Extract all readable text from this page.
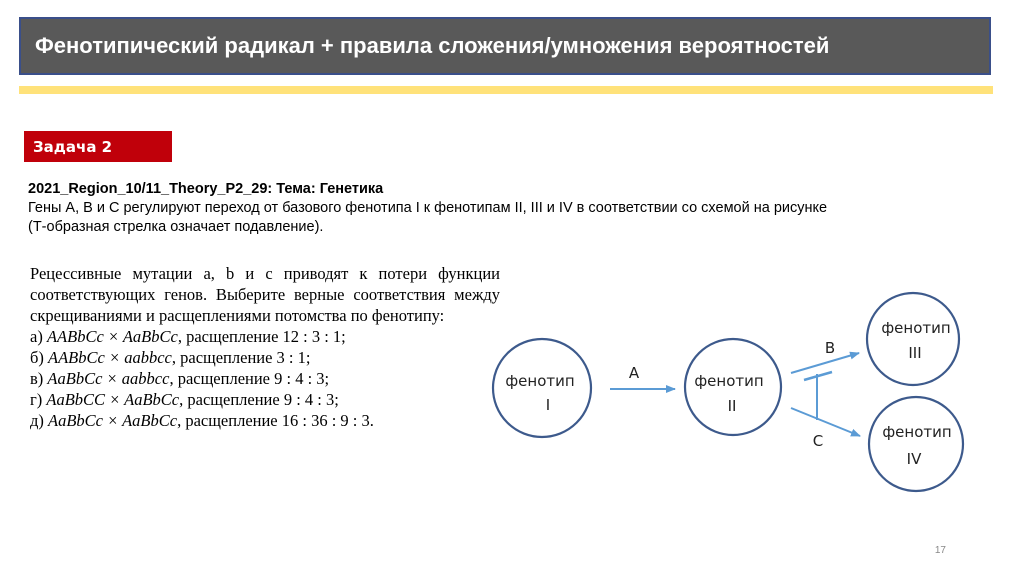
Фенотипический радикал + правила сложения/умножения вероятностей
Задача 2
2021_Region_10/11_Theory_P2_29: Тема: Генетика
Гены A, B и C регулируют переход от базового фенотипа I к фенотипам II, III и IV в соответствии со схемой на рисунке
(Т-образная стрелка означает подавление).
Рецессивные мутации a, b и c приводят к потери функции соответствующих генов. Выберите верные соответствия между скрещиваниями и расщеплениями потомства по фенотипу:
а) AABbCc × AaBbCc, расщепление 12 : 3 : 1;
б) AABbCc × aabbcc, расщепление 3 : 1;
в) AaBbCc × aabbcc, расщепление 9 : 4 : 3;
г) AaBbCC × AaBbCc, расщепление 9 : 4 : 3;
д) AaBbCc × AaBbCc, расщепление 16 : 36 : 9 : 3.
фенотип
I
фенотип
II
фенотип
III
фенотип
IV
A
B
C
17
